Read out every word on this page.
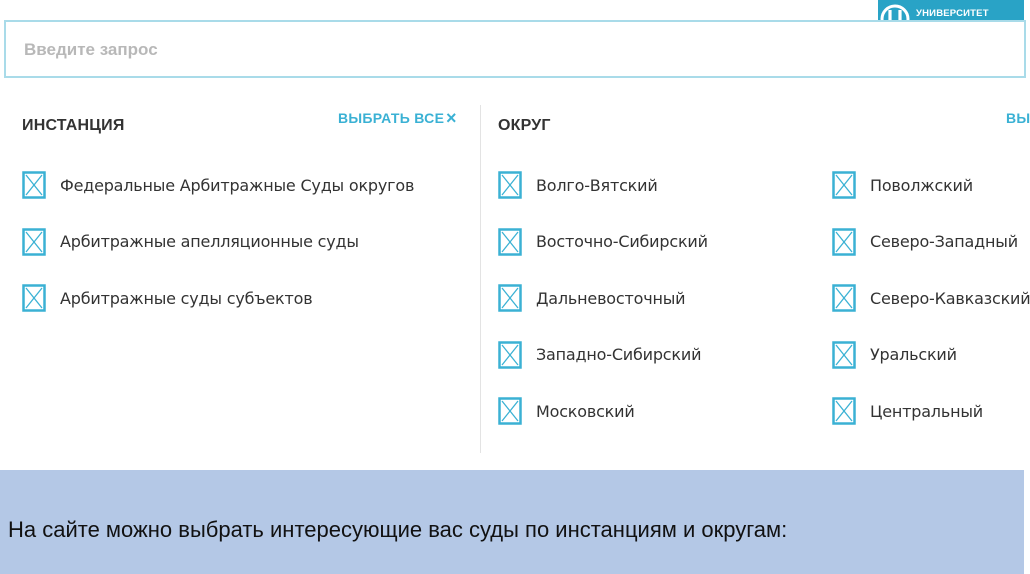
УНИВЕРСИТЕТ
Введите запрос
ИНСТАНЦИЯ	ВЫБРАТЬ ВСЕ ×
Федеральные Арбитражные Суды округов
Арбитражные апелляционные суды
Арбитражные суды субъектов
ОКРУГ	ВЫ
Волго-Вятский
Восточно-Сибирский
Дальневосточный
Западно-Сибирский
Московский
Поволжский
Северо-Западный
Северо-Кавказский
Уральский
Центральный
На сайте можно выбрать интересующие вас суды по инстанциям и округам:
